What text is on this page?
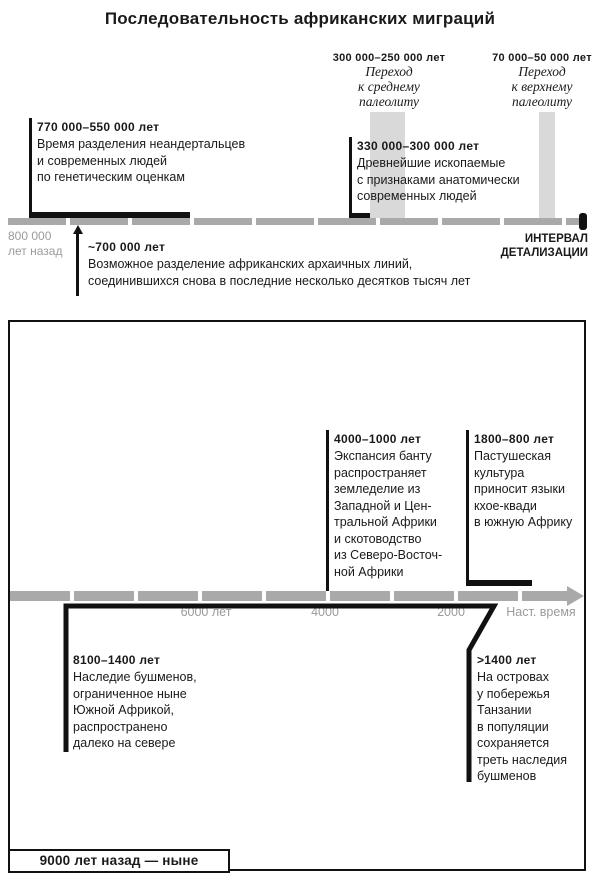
Последовательность африканских миграций
300 000–250 000 лет
Переход
к среднему
палеолиту
70 000–50 000 лет
Переход
к верхнему
палеолиту
770 000–550 000 лет
Время разделения неандертальцев
и современных людей
по генетическим оценкам
330 000–300 000 лет
Древнейшие ископаемые
с признаками анатомически
современных людей
800 000
лет назад
ИНТЕРВАЛ
ДЕТАЛИЗАЦИИ
~700 000 лет
Возможное разделение африканских архаичных линий,
соединившихся снова в последние несколько десятков тысяч лет
4000–1000 лет
Экспансия банту
распространяет
земледелие из
Западной и Цен-
тральной Африки
и скотоводство
из Северо-Восточ-
ной Африки
1800–800 лет
Пастушеская
культура
приносит языки
кхое-квади
в южную Африку
6000 лет	4000	2000	Наст. время
8100–1400 лет
Наследие бушменов,
ограниченное ныне
Южной Африкой,
распространено
далеко на севере
>1400 лет
На островах
у побережья
Танзании
в популяции
сохраняется
треть наследия
бушменов
9000 лет назад — ныне
